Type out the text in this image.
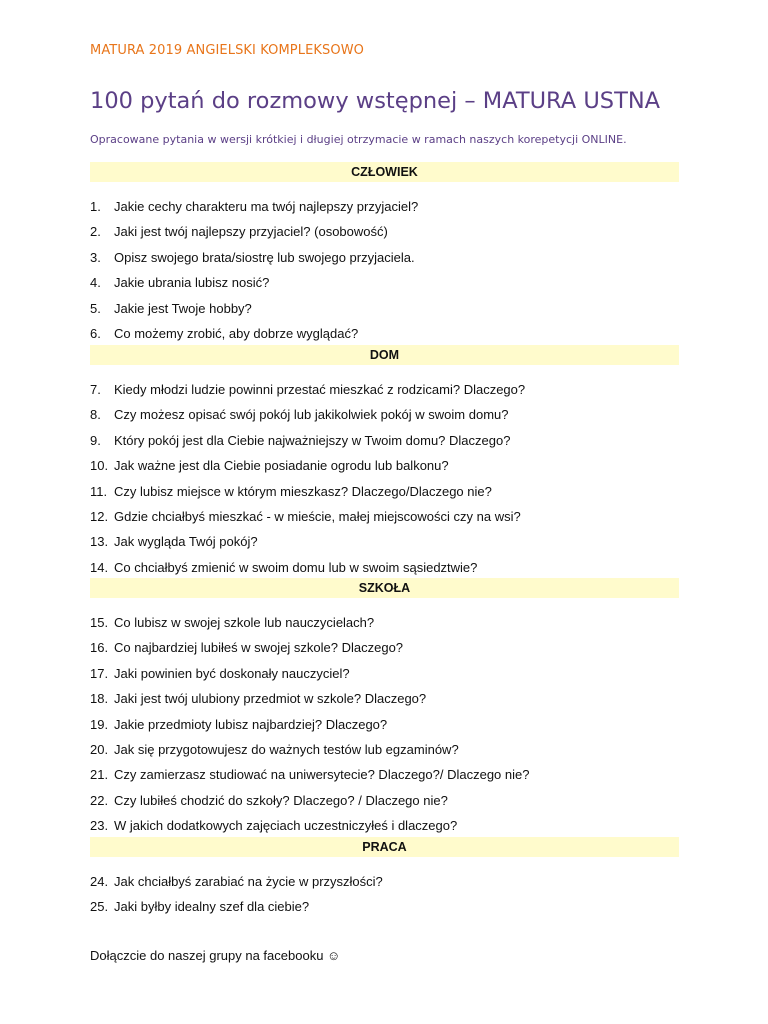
MATURA 2019 ANGIELSKI KOMPLEKSOWO
100 pytań do rozmowy wstępnej – MATURA USTNA
Opracowane pytania w wersji krótkiej i długiej otrzymacie w ramach naszych korepetycji ONLINE.
CZŁOWIEK
1. Jakie cechy charakteru ma twój najlepszy przyjaciel?
2. Jaki jest twój najlepszy przyjaciel? (osobowość)
3. Opisz swojego brata/siostrę lub swojego przyjaciela.
4. Jakie ubrania lubisz nosić?
5. Jakie jest Twoje hobby?
6. Co możemy zrobić, aby dobrze wyglądać?
DOM
7. Kiedy młodzi ludzie powinni przestać mieszkać z rodzicami? Dlaczego?
8. Czy możesz opisać swój pokój lub jakikolwiek pokój w swoim domu?
9. Który pokój jest dla Ciebie najważniejszy w Twoim domu? Dlaczego?
10. Jak ważne jest dla Ciebie posiadanie ogrodu lub balkonu?
11. Czy lubisz miejsce w którym mieszkasz? Dlaczego/Dlaczego nie?
12. Gdzie chciałbyś mieszkać - w mieście, małej miejscowości czy na wsi?
13. Jak wygląda Twój pokój?
14. Co chciałbyś zmienić w swoim domu lub w swoim sąsiedztwie?
SZKOŁA
15. Co lubisz w swojej szkole lub nauczycielach?
16. Co najbardziej lubiłeś w swojej szkole? Dlaczego?
17. Jaki powinien być doskonały nauczyciel?
18. Jaki jest twój ulubiony przedmiot w szkole? Dlaczego?
19. Jakie przedmioty lubisz najbardziej? Dlaczego?
20. Jak się przygotowujesz do ważnych testów lub egzaminów?
21. Czy zamierzasz studiować na uniwersytecie? Dlaczego?/ Dlaczego nie?
22. Czy lubiłeś chodzić do szkoły? Dlaczego? / Dlaczego nie?
23. W jakich dodatkowych zajęciach uczestniczyłeś i dlaczego?
PRACA
24. Jak chciałbyś zarabiać na życie w przyszłości?
25. Jaki byłby idealny szef dla ciebie?
Dołączcie do naszej grupy na facebooku ☺
